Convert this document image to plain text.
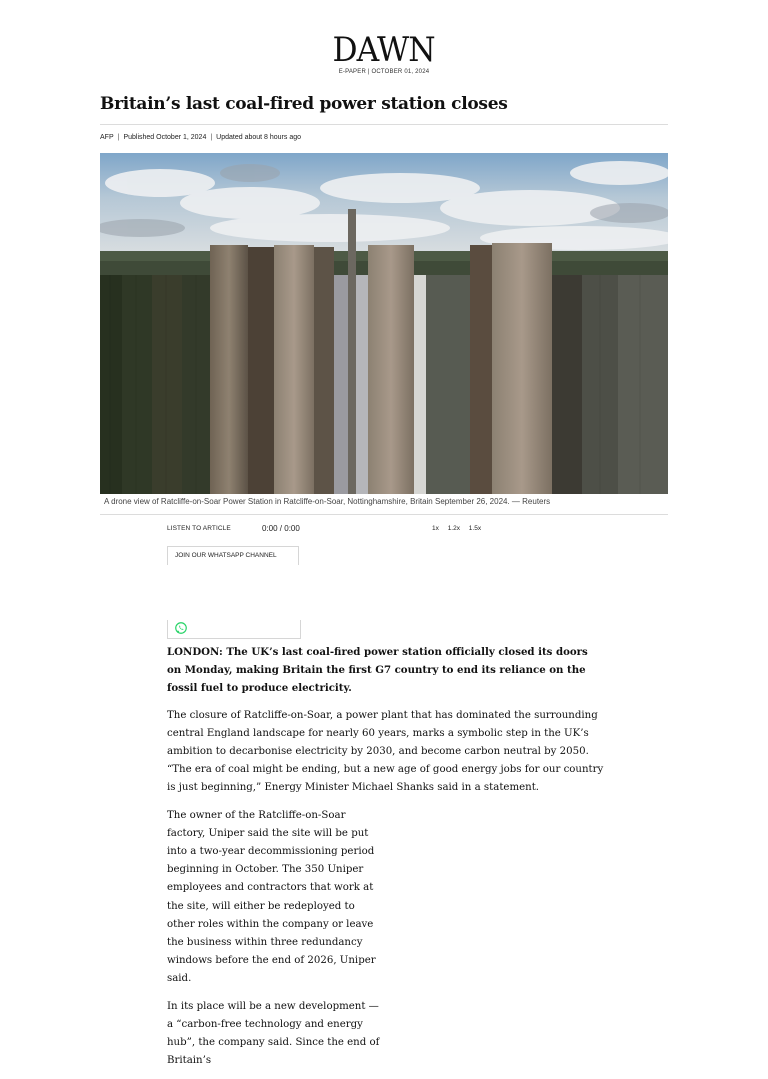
DAWN
E-PAPER | OCTOBER 01, 2024
Britain’s last coal-fired power station closes
AFP | Published October 1, 2024 | Updated about 8 hours ago
A drone view of Ratcliffe-on-Soar Power Station in Ratcliffe-on-Soar, Nottinghamshire, Britain September 26, 2024. — Reuters
LISTEN TO ARTICLE	0:00 / 0:00	1x 1.2x 1.5x
JOIN OUR WHATSAPP CHANNEL

LONDON: The UK’s last coal-fired power station officially closed its doors on Monday, making Britain the first G7 country to end its reliance on the fossil fuel to produce electricity.

The closure of Ratcliffe-on-Soar, a power plant that has dominated the surrounding central England landscape for nearly 60 years, marks a symbolic step in the UK’s ambition to decarbonise electricity by 2030, and become carbon neutral by 2050. “The era of coal might be ending, but a new age of good energy jobs for our country is just beginning,” Energy Minister Michael Shanks said in a statement.

The owner of the Ratcliffe-on-Soar factory, Uniper said the site will be put into a two-year decommissioning period beginning in October. The 350 Uniper employees and contractors that work at the site, will either be redeployed to other roles within the company or leave the business within three redundancy windows before the end of 2026, Uniper said.

In its place will be a new development — a “carbon-free technology and energy hub”, the company said. Since the end of Britain’s
